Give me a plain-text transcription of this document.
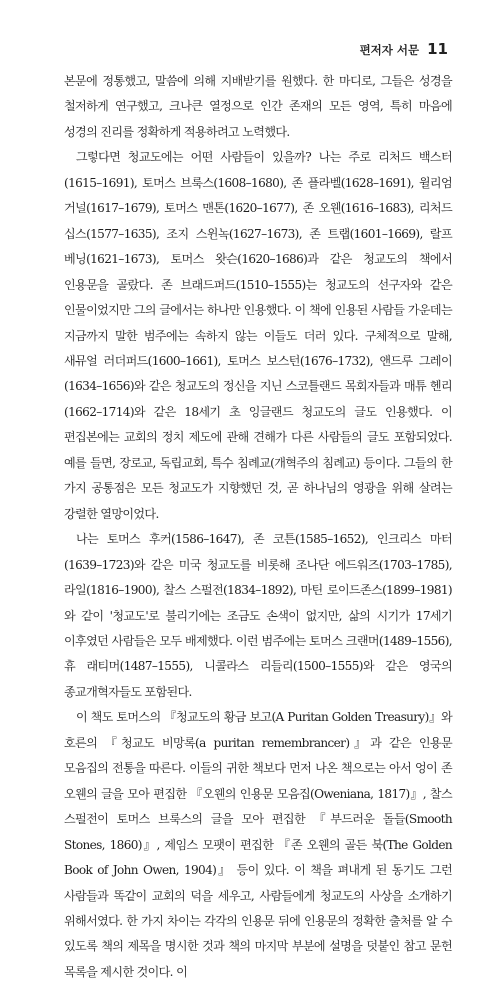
편저자 서문 11

본문에 정통했고, 말씀에 의해 지배받기를 원했다. 한 마디로, 그들은 성경을 철저하게 연구했고, 크나큰 열정으로 인간 존재의 모든 영역, 특히 마음에 성경의 진리를 정확하게 적용하려고 노력했다.

그렇다면 청교도에는 어떤 사람들이 있을까? 나는 주로 리처드 백스터(1615–1691), 토머스 브룩스(1608–1680), 존 플라벨(1628–1691), 윌리엄 거널(1617–1679), 토머스 맨톤(1620–1677), 존 오웬(1616–1683), 리처드 십스(1577–1635), 조지 스윈녹(1627–1673), 존 트랩(1601–1669), 랄프 베닝(1621–1673), 토머스 왓슨(1620–1686)과 같은 청교도의 책에서 인용문을 골랐다. 존 브래드퍼드(1510–1555)는 청교도의 선구자와 같은 인물이었지만 그의 글에서는 하나만 인용했다. 이 책에 인용된 사람들 가운데는 지금까지 말한 범주에는 속하지 않는 이들도 더러 있다. 구체적으로 말해, 새뮤얼 러더퍼드(1600–1661), 토머스 보스턴(1676–1732), 앤드루 그레이(1634–1656)와 같은 청교도의 정신을 지닌 스코틀랜드 목회자들과 매튜 헨리(1662–1714)와 같은 18세기 초 잉글랜드 청교도의 글도 인용했다. 이 편집본에는 교회의 정치 제도에 관해 견해가 다른 사람들의 글도 포함되었다. 예를 들면, 장로교, 독립교회, 특수 침례교(개혁주의 침례교) 등이다. 그들의 한 가지 공통점은 모든 청교도가 지향했던 것, 곧 하나님의 영광을 위해 살려는 강렬한 열망이었다.

나는 토머스 후커(1586–1647), 존 코튼(1585–1652), 인크리스 마터(1639–1723)와 같은 미국 청교도를 비롯해 조나단 에드워즈(1703–1785), 라일(1816–1900), 찰스 스펄전(1834–1892), 마틴 로이드존스(1899–1981)와 같이 '청교도'로 불리기에는 조금도 손색이 없지만, 삶의 시기가 17세기 이후였던 사람들은 모두 배제했다. 이런 범주에는 토머스 크랜머(1489–1556), 휴 래티머(1487–1555), 니콜라스 리들리(1500–1555)와 같은 영국의 종교개혁자들도 포함된다.

이 책도 토머스의 『청교도의 황금 보고(A Puritan Golden Treasury)』와 호른의 『청교도 비망록(a puritan remembrancer)』과 같은 인용문 모음집의 전통을 따른다. 이들의 귀한 책보다 먼저 나온 책으로는 아서 엉이 존 오웬의 글을 모아 편집한 『오웬의 인용문 모음집(Oweniana, 1817)』, 찰스 스펄전이 토머스 브룩스의 글을 모아 편집한 『부드러운 돌들(Smooth Stones, 1860)』, 제임스 모팻이 편집한 『존 오웬의 골든 북(The Golden Book of John Owen, 1904)』 등이 있다. 이 책을 펴내게 된 동기도 그런 사람들과 똑같이 교회의 덕을 세우고, 사람들에게 청교도의 사상을 소개하기 위해서였다. 한 가지 차이는 각각의 인용문 뒤에 인용문의 정확한 출처를 알 수 있도록 책의 제목을 명시한 것과 책의 마지막 부분에 설명을 덧붙인 참고 문헌 목록을 제시한 것이다. 이
